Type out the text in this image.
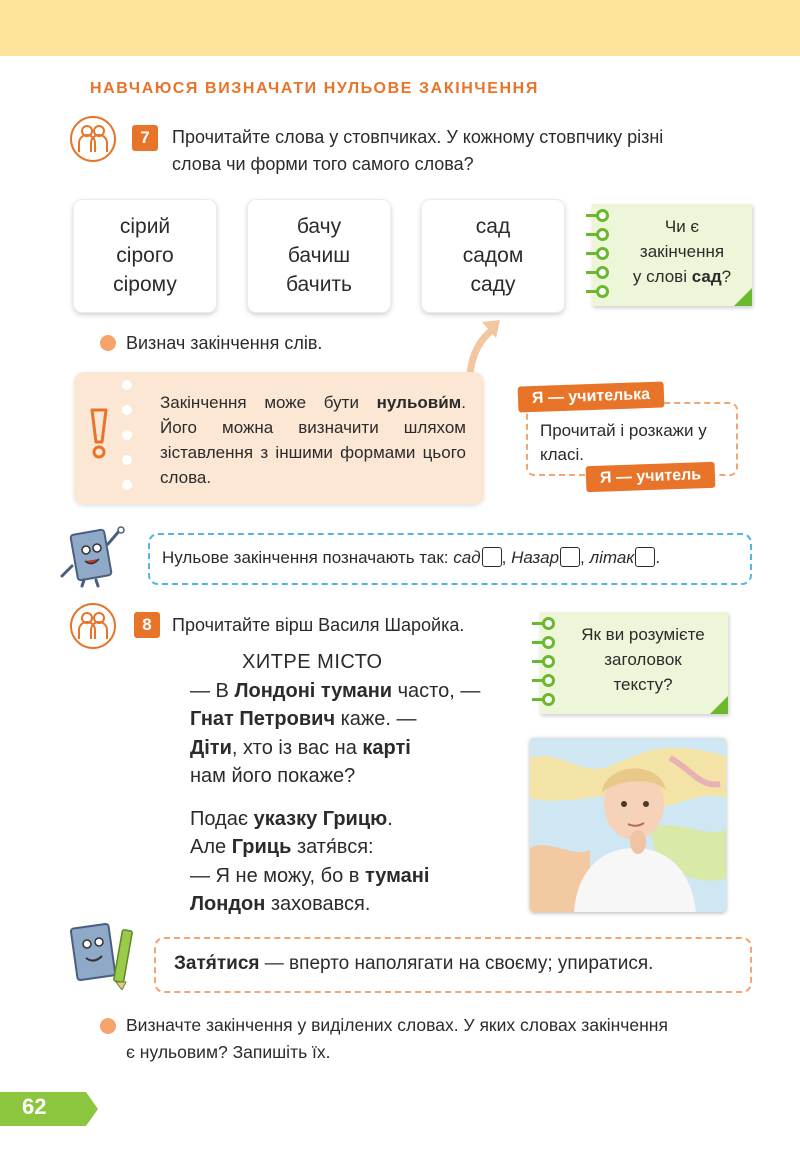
НАВЧАЮСЯ ВИЗНАЧАТИ НУЛЬОВЕ ЗАКІНЧЕННЯ
7	Прочитайте слова у стовпчиках. У кожному стовпчику різні
слова чи форми того самого слова?
сірий
сірого
сірому
бачу
бачиш
бачить
сад
садом
саду
Чи є
закінчення
у слові сад?
Визнач закінчення слів.
Закінчення може бути нульови́м. Його можна визначити шляхом зіставлення з іншими формами цього слова.
Я — учителька
Прочитай і розкажи у класі.
Я — учитель
Нульове закінчення позначають так: сад , Назар , літак .
8	Прочитайте вірш Василя Шаройка.	Як ви розумієте
заголовок
тексту?
ХИТРЕ МІСТО
— В Лондоні тумани часто, —
Гнат Петрович каже. —
Діти, хто із вас на карті
нам його покаже?
Подає указку Грицю.
Але Гриць затя́вся:
— Я не можу, бо в тумані
Лондон заховався.
Затя́тися — вперто наполягати на своєму; упиратися.
Визначте закінчення у виділених словах. У яких словах закінчення
є нульовим? Запишіть їх.
62
